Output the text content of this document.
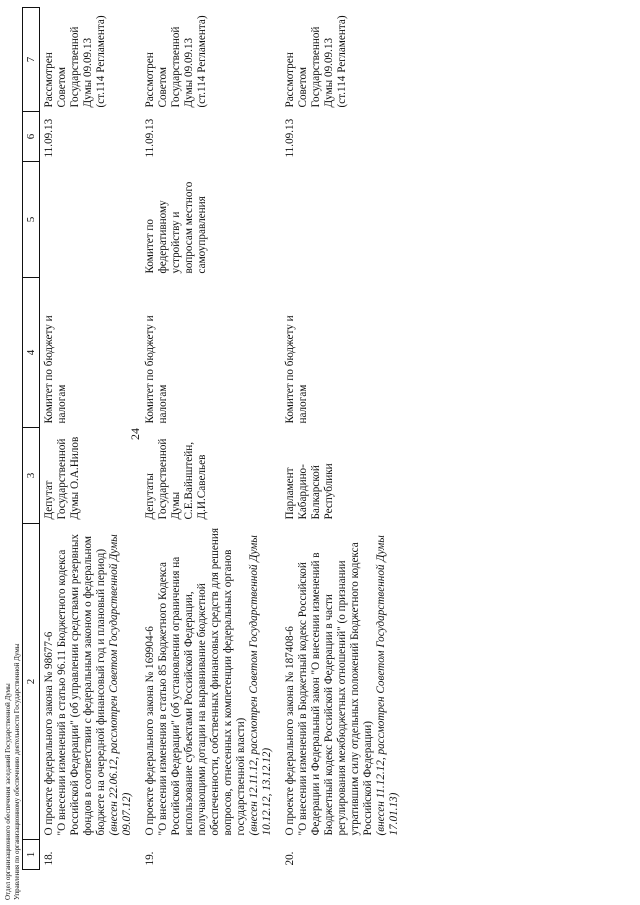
24
1	2	3	4	5	6	7
18.	О проекте федерального закона № 98677-6 "О внесении изменений в статью 96.11 Бюджетного кодекса Российской Федерации" (об управлении средствами резервных фондов в соответствии с федеральным законом о федеральном бюджете на очередной финансовый год и плановый период) (внесен 22.06.12, рассмотрен Советом Государственной Думы 09.07.12)	Депутат Государственной Думы О.А.Нилов	Комитет по бюджету и налогам		11.09.13	Рассмотрен Советом Государственной Думы 09.09.13 (ст.114 Регламента)
19.	О проекте федерального закона № 169904-6 "О внесении изменения в статью 85 Бюджетного Кодекса Российской Федерации" (об установлении ограничения на использование субъектами Российской Федерации, получающими дотации на выравнивание бюджетной обеспеченности, собственных финансовых средств для решения вопросов, отнесенных к компетенции федеральных органов государственной власти) (внесен 12.11.12, рассмотрен Советом Государственной Думы 10.12.12, 13.12.12)	Депутаты Государственной Думы С.Е.Вайнштейн, Д.И.Савельев	Комитет по бюджету и налогам	Комитет по федеративному устройству и вопросам местного самоуправления	11.09.13	Рассмотрен Советом Государственной Думы 09.09.13 (ст.114 Регламента)
20.	О проекте федерального закона № 187408-6 "О внесении изменений в Бюджетный кодекс Российской Федерации и Федеральный закон "О внесении изменений в Бюджетный кодекс Российской Федерации в части регулирования межбюджетных отношений" (о признании утратившим силу отдельных положений Бюджетного кодекса Российской Федерации) (внесен 11.12.12, рассмотрен Советом Государственной Думы 17.01.13)	Парламент Кабардино-Балкарской Республики	Комитет по бюджету и налогам		11.09.13	Рассмотрен Советом Государственной Думы 09.09.13 (ст.114 Регламента)
Отдел организационного обеспечения заседаний Государственной Думы Управления по организационному обеспечению деятельности Государственной Думы
